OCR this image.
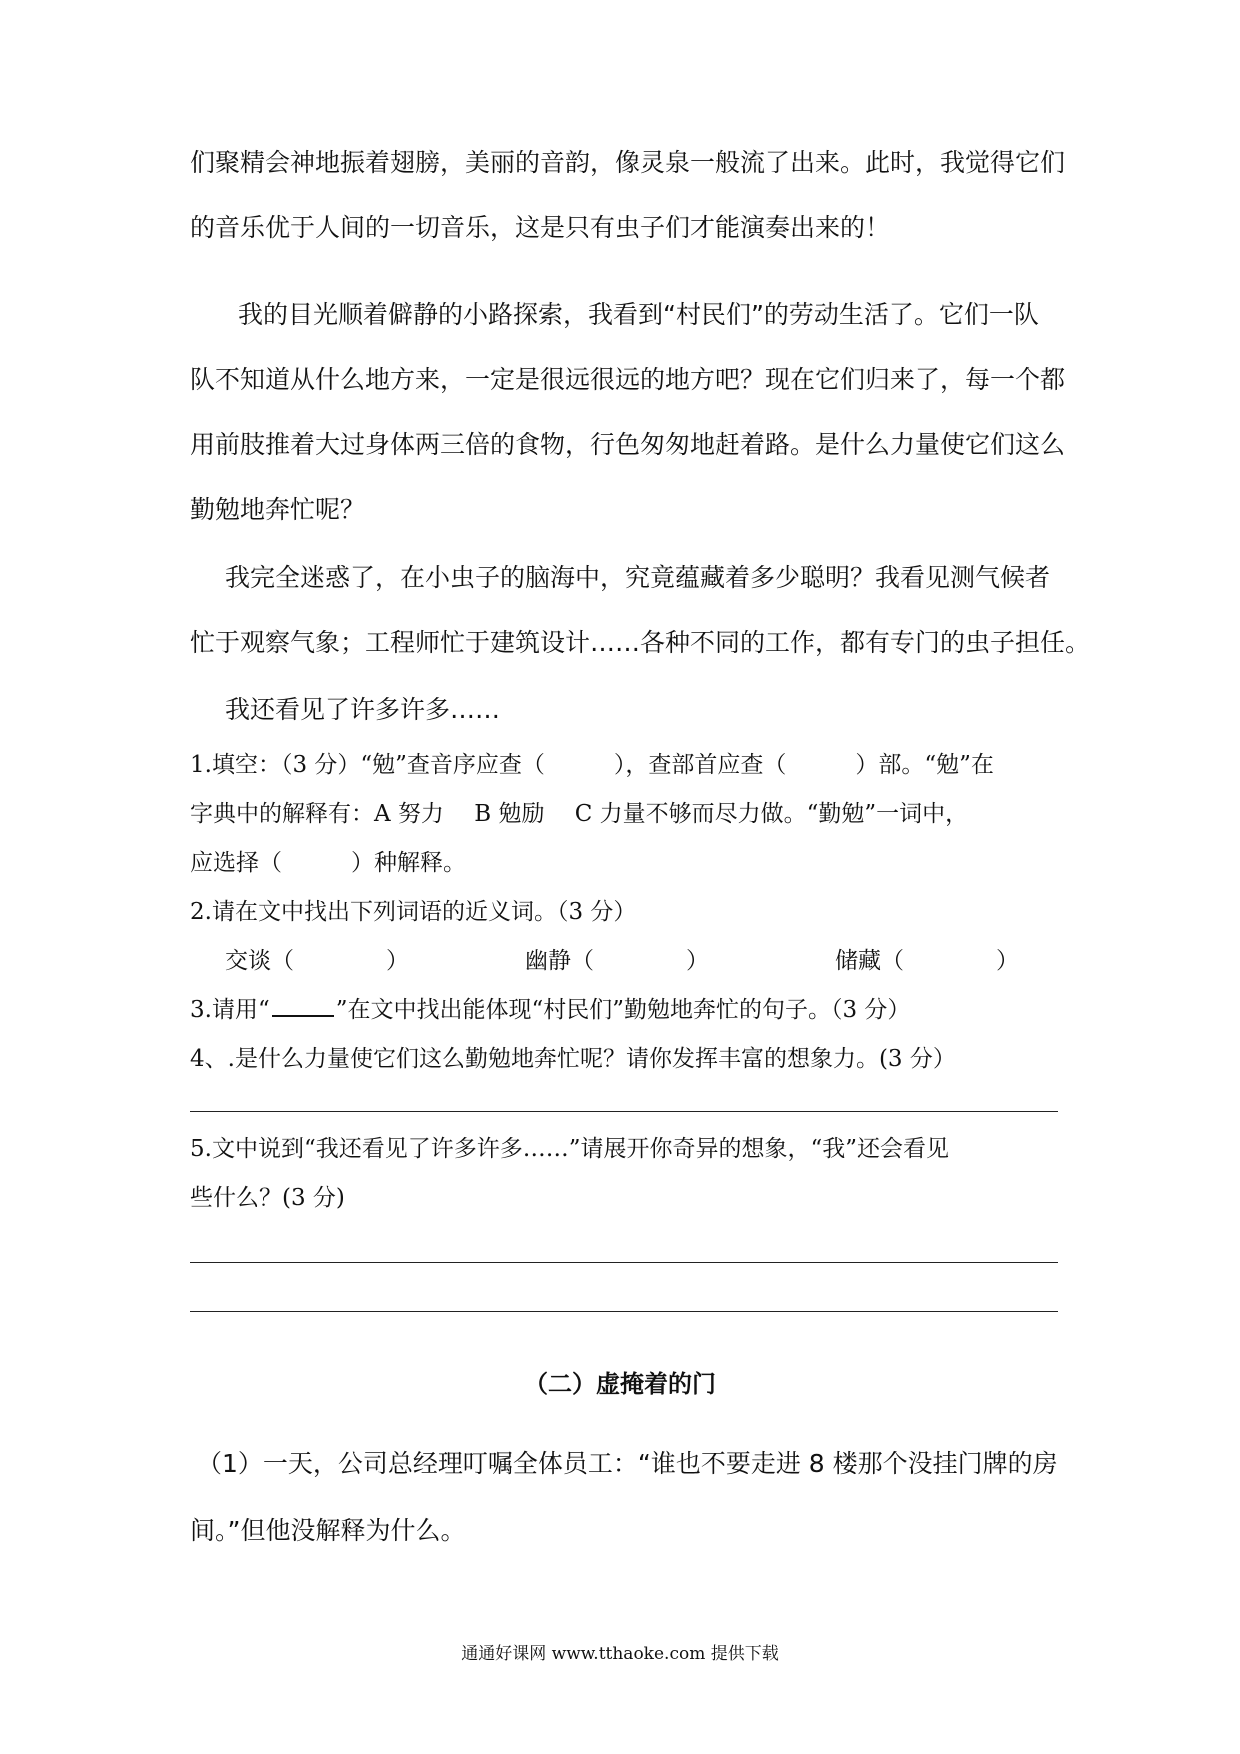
们聚精会神地振着翅膀，美丽的音韵，像灵泉一般流了出来。此时，我觉得它们

的音乐优于人间的一切音乐，这是只有虫子们才能演奏出来的！

我的目光顺着僻静的小路探索，我看到“村民们”的劳动生活了。它们一队

队不知道从什么地方来，一定是很远很远的地方吧？现在它们归来了，每一个都

用前肢推着大过身体两三倍的食物，行色匆匆地赶着路。是什么力量使它们这么

勤勉地奔忙呢？

我完全迷惑了，在小虫子的脑海中，究竟蕴藏着多少聪明？我看见测气候者

忙于观察气象；工程师忙于建筑设计……各种不同的工作，都有专门的虫子担任。

我还看见了许多许多……

1.填空：（3 分）“勉”查音序应查（　　　），查部首应查（　　　）部。“勉”在

字典中的解释有：A 努力　 B 勉励　 C 力量不够而尽力做。“勤勉”一词中，

应选择（　　　）种解释。

2.请在文中找出下列词语的近义词。（3 分）

交谈（　　　　）	幽静（　　　　）	储藏（　　　　）

3.请用“	”在文中找出能体现“村民们”勤勉地奔忙的句子。（3 分）

4、.是什么力量使它们这么勤勉地奔忙呢？请你发挥丰富的想象力。(3 分）

5.文中说到“我还看见了许多许多……”请展开你奇异的想象，“我”还会看见

些什么？(3 分)

（二）虚掩着的门

（1）一天，公司总经理叮嘱全体员工：“谁也不要走进 8 楼那个没挂门牌的房

间。”但他没解释为什么。

通通好课网 www.tthaoke.com 提供下载
